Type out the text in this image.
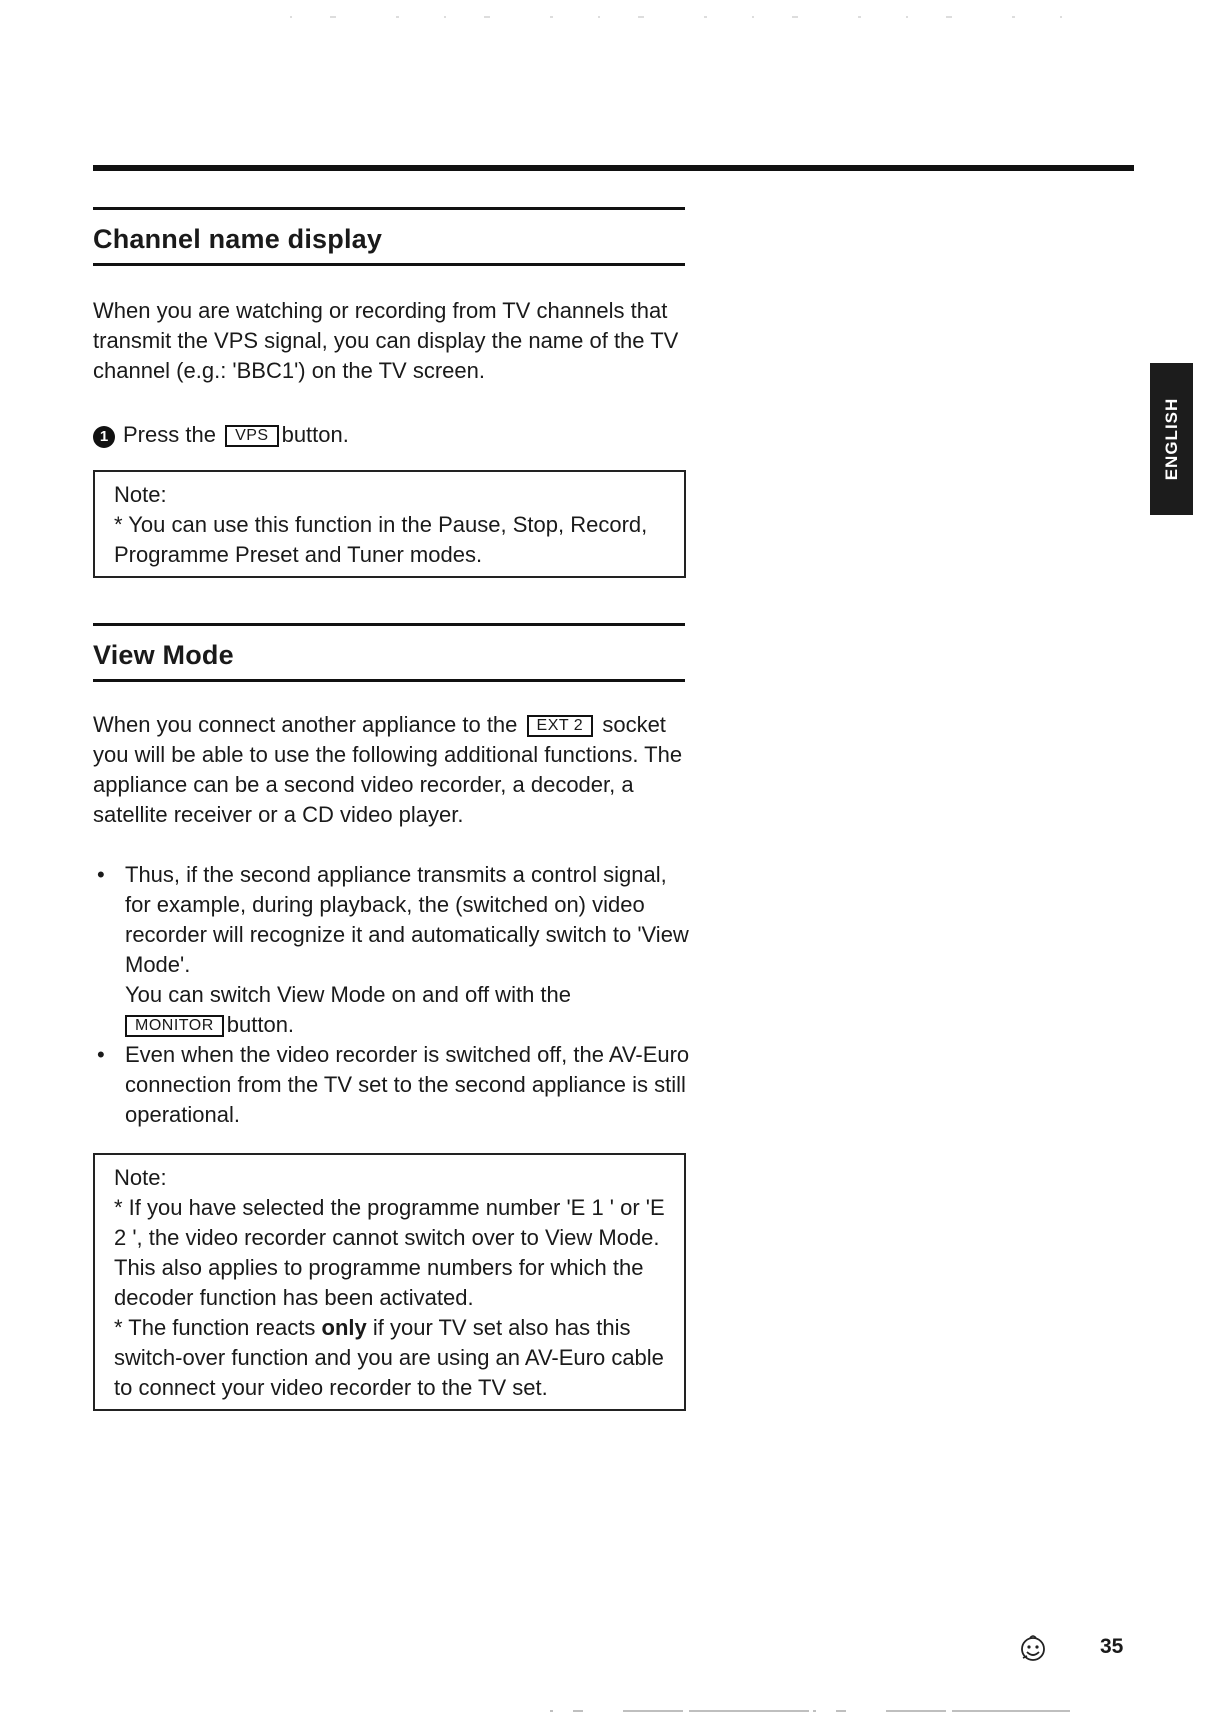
Channel name display

When you are watching or recording from TV channels that transmit the VPS signal, you can display the name of the TV channel (e.g.: 'BBC1') on the TV screen.

1 Press the VPS button.

Note:

* You can use this function in the Pause, Stop, Record, Programme Preset and Tuner modes.

View Mode

When you connect another appliance to the EXT 2 socket you will be able to use the following additional functions. The appliance can be a second video recorder, a decoder, a satellite receiver or a CD video player.

• Thus, if the second appliance transmits a control signal, for example, during playback, the (switched on) video recorder will recognize it and automatically switch to 'View Mode'.
You can switch View Mode on and off with the
MONITOR button.
• Even when the video recorder is switched off, the AV-Euro connection from the TV set to the second appliance is still operational.

Note:

* If you have selected the programme number 'E 1 ' or 'E 2 ', the video recorder cannot switch over to View Mode. This also applies to programme numbers for which the decoder function has been activated.

* The function reacts only if your TV set also has this switch-over function and you are using an AV-Euro cable to connect your video recorder to the TV set.

ENGLISH
35
